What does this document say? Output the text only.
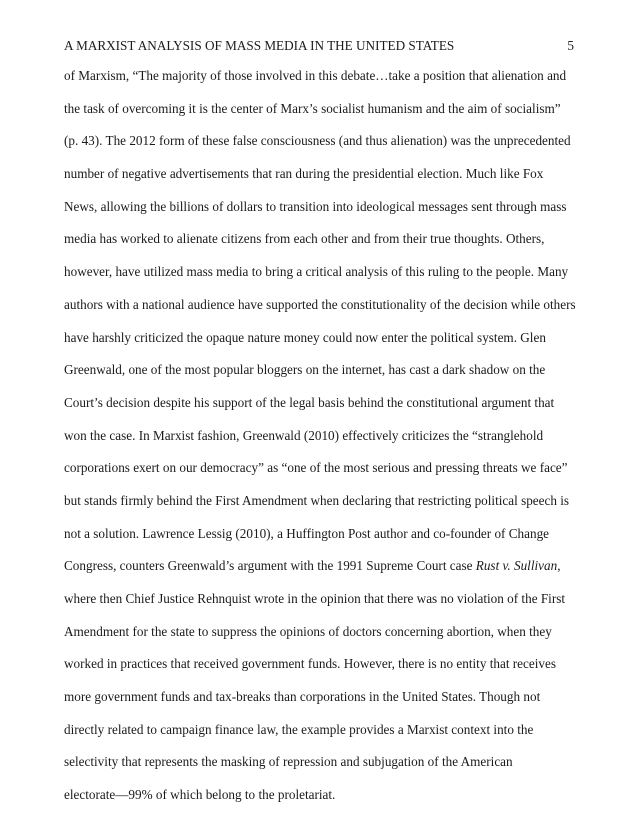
A MARXIST ANALYSIS OF MASS MEDIA IN THE UNITED STATES	5
of Marxism, “The majority of those involved in this debate…take a position that alienation and
the task of overcoming it is the center of Marx’s socialist humanism and the aim of socialism”
(p. 43). The 2012 form of these false consciousness (and thus alienation) was the unprecedented
number of negative advertisements that ran during the presidential election. Much like Fox
News, allowing the billions of dollars to transition into ideological messages sent through mass
media has worked to alienate citizens from each other and from their true thoughts. Others,
however, have utilized mass media to bring a critical analysis of this ruling to the people. Many
authors with a national audience have supported the constitutionality of the decision while others
have harshly criticized the opaque nature money could now enter the political system. Glen
Greenwald, one of the most popular bloggers on the internet, has cast a dark shadow on the
Court’s decision despite his support of the legal basis behind the constitutional argument that
won the case. In Marxist fashion, Greenwald (2010) effectively criticizes the “stranglehold
corporations exert on our democracy” as “one of the most serious and pressing threats we face”
but stands firmly behind the First Amendment when declaring that restricting political speech is
not a solution. Lawrence Lessig (2010), a Huffington Post author and co-founder of Change
Congress, counters Greenwald’s argument with the 1991 Supreme Court case Rust v. Sullivan,
where then Chief Justice Rehnquist wrote in the opinion that there was no violation of the First
Amendment for the state to suppress the opinions of doctors concerning abortion, when they
worked in practices that received government funds. However, there is no entity that receives
more government funds and tax-breaks than corporations in the United States. Though not
directly related to campaign finance law, the example provides a Marxist context into the
selectivity that represents the masking of repression and subjugation of the American
electorate—99% of which belong to the proletariat.
